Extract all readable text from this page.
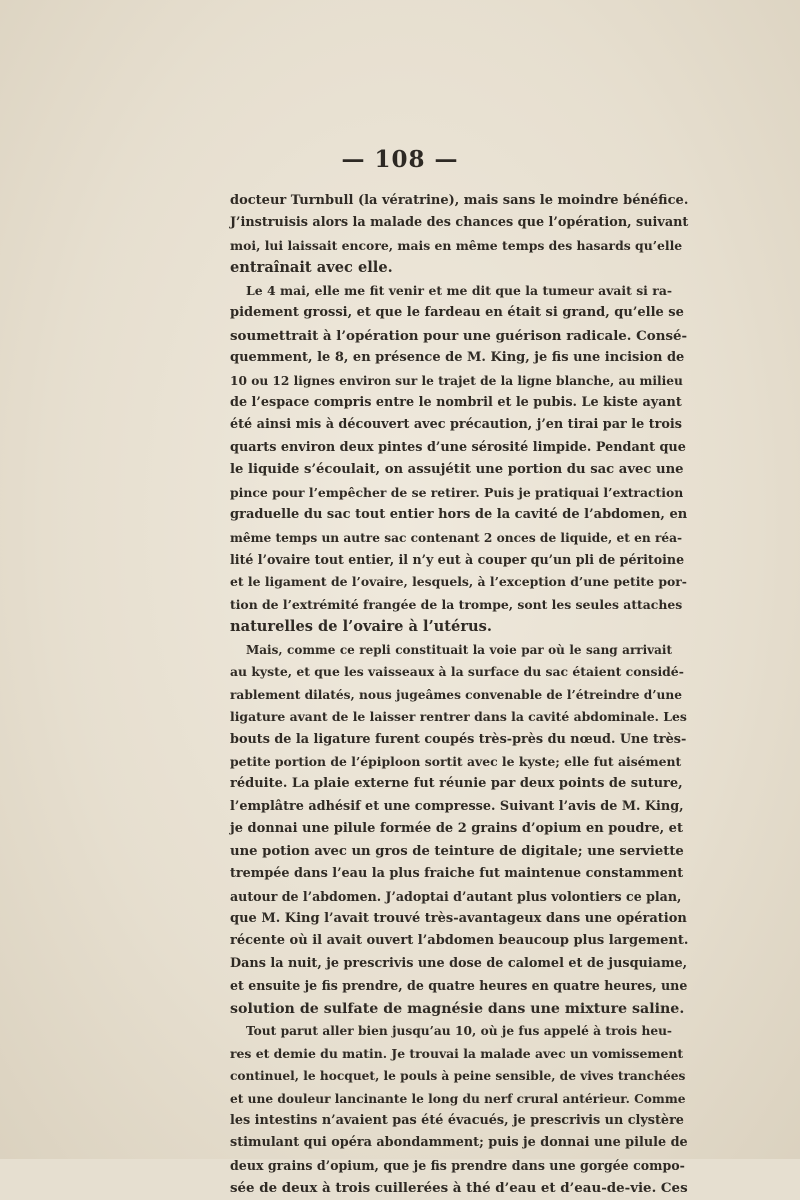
— 108 —
docteur Turnbull (la vératrine), mais sans le moindre bénéfice.
J’instruisis alors la malade des chances que l’opération, suivant
moi, lui laissait encore, mais en même temps des hasards qu’elle
entraînait avec elle.
Le 4 mai, elle me fit venir et me dit que la tumeur avait si ra-
pidement grossi, et que le fardeau en était si grand, qu’elle se
soumettrait à l’opération pour une guérison radicale. Consé-
quemment, le 8, en présence de M. King, je fis une incision de
10 ou 12 lignes environ sur le trajet de la ligne blanche, au milieu
de l’espace compris entre le nombril et le pubis. Le kiste ayant
été ainsi mis à découvert avec précaution, j’en tirai par le trois
quarts environ deux pintes d’une sérosité limpide. Pendant que
le liquide s’écoulait, on assujétit une portion du sac avec une
pince pour l’empêcher de se retirer. Puis je pratiquai l’extraction
graduelle du sac tout entier hors de la cavité de l’abdomen, en
même temps un autre sac contenant 2 onces de liquide, et en réa-
lité l’ovaire tout entier, il n’y eut à couper qu’un pli de péritoine
et le ligament de l’ovaire, lesquels, à l’exception d’une petite por-
tion de l’extrémité frangée de la trompe, sont les seules attaches
naturelles de l’ovaire à l’utérus.
Mais, comme ce repli constituait la voie par où le sang arrivait
au kyste, et que les vaisseaux à la surface du sac étaient considé-
rablement dilatés, nous jugeâmes convenable de l’étreindre d’une
ligature avant de le laisser rentrer dans la cavité abdominale. Les
bouts de la ligature furent coupés très-près du nœud. Une très-
petite portion de l’épiploon sortit avec le kyste; elle fut aisément
réduite. La plaie externe fut réunie par deux points de suture,
l’emplâtre adhésif et une compresse. Suivant l’avis de M. King,
je donnai une pilule formée de 2 grains d’opium en poudre, et
une potion avec un gros de teinture de digitale; une serviette
trempée dans l’eau la plus fraiche fut maintenue constamment
autour de l’abdomen. J’adoptai d’autant plus volontiers ce plan,
que M. King l’avait trouvé très-avantageux dans une opération
récente où il avait ouvert l’abdomen beaucoup plus largement.
Dans la nuit, je prescrivis une dose de calomel et de jusquiame,
et ensuite je fis prendre, de quatre heures en quatre heures, une
solution de sulfate de magnésie dans une mixture saline.
Tout parut aller bien jusqu’au 10, où je fus appelé à trois heu-
res et demie du matin. Je trouvai la malade avec un vomissement
continuel, le hocquet, le pouls à peine sensible, de vives tranchées
et une douleur lancinante le long du nerf crural antérieur. Comme
les intestins n’avaient pas été évacués, je prescrivis un clystère
stimulant qui opéra abondamment; puis je donnai une pilule de
deux grains d’opium, que je fis prendre dans une gorgée compo-
sée de deux à trois cuillerées à thé d’eau et d’eau-de-vie. Ces
